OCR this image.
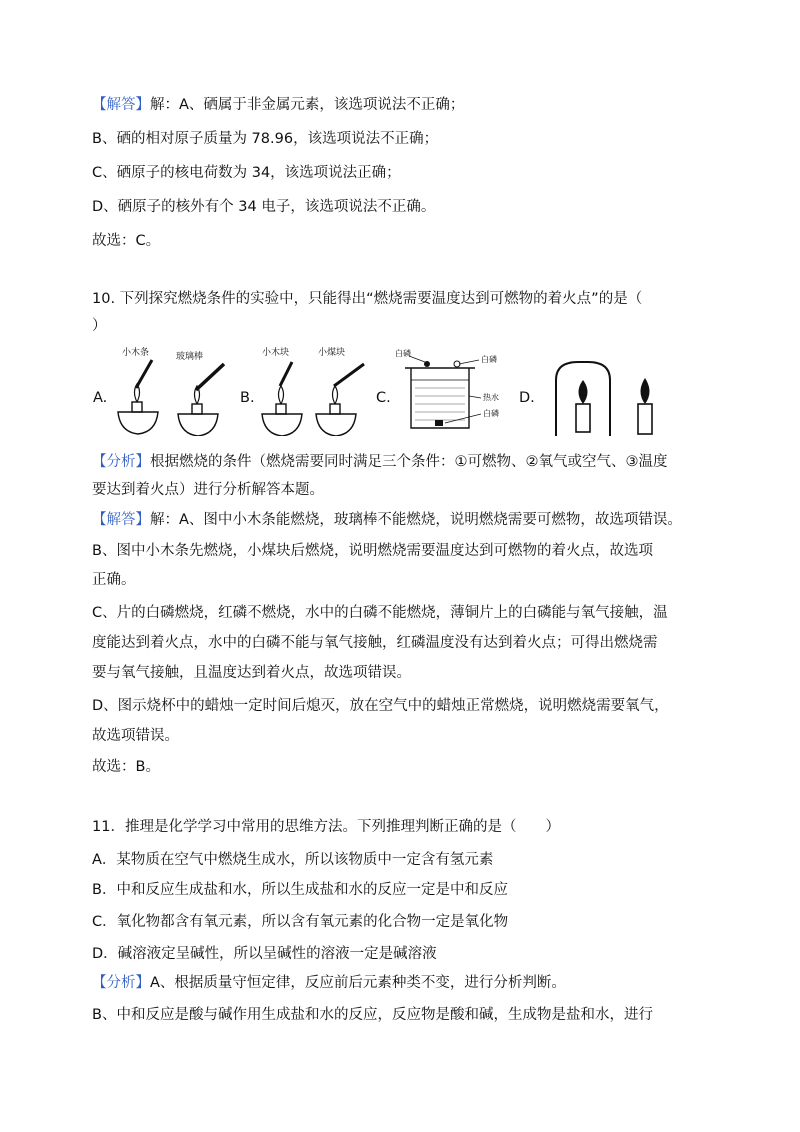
【解答】解：A、硒属于非金属元素，该选项说法不正确；
B、硒的相对原子质量为 78.96，该选项说法不正确；
C、硒原子的核电荷数为 34，该选项说法正确；
D、硒原子的核外有个 34 电子，该选项说法不正确。
故选：C。
10. 下列探究燃烧条件的实验中，只能得出“燃烧需要温度达到可燃物的着火点”的是（
）
A.
小木条	玻璃棒
B.
小木块	小煤块
C.
白磷
白磷
热水
白磷
D.
【分析】根据燃烧的条件（燃烧需要同时满足三个条件：①可燃物、②氧气或空气、③温度
要达到着火点）进行分析解答本题。
【解答】解：A、图中小木条能燃烧，玻璃棒不能燃烧，说明燃烧需要可燃物，故选项错误。
B、图中小木条先燃烧，小煤块后燃烧，说明燃烧需要温度达到可燃物的着火点，故选项
正确。
C、片的白磷燃烧，红磷不燃烧，水中的白磷不能燃烧，薄铜片上的白磷能与氧气接触，温
度能达到着火点，水中的白磷不能与氧气接触，红磷温度没有达到着火点；可得出燃烧需
要与氧气接触，且温度达到着火点，故选项错误。
D、图示烧杯中的蜡烛一定时间后熄灭，放在空气中的蜡烛正常燃烧，说明燃烧需要氧气，
故选项错误。
故选：B。
11．推理是化学学习中常用的思维方法。下列推理判断正确的是（　　）
A．某物质在空气中燃烧生成水，所以该物质中一定含有氢元素
B．中和反应生成盐和水，所以生成盐和水的反应一定是中和反应
C．氧化物都含有氧元素，所以含有氧元素的化合物一定是氧化物
D．碱溶液定呈碱性，所以呈碱性的溶液一定是碱溶液
【分析】A、根据质量守恒定律，反应前后元素种类不变，进行分析判断。
B、中和反应是酸与碱作用生成盐和水的反应，反应物是酸和碱，生成物是盐和水，进行
